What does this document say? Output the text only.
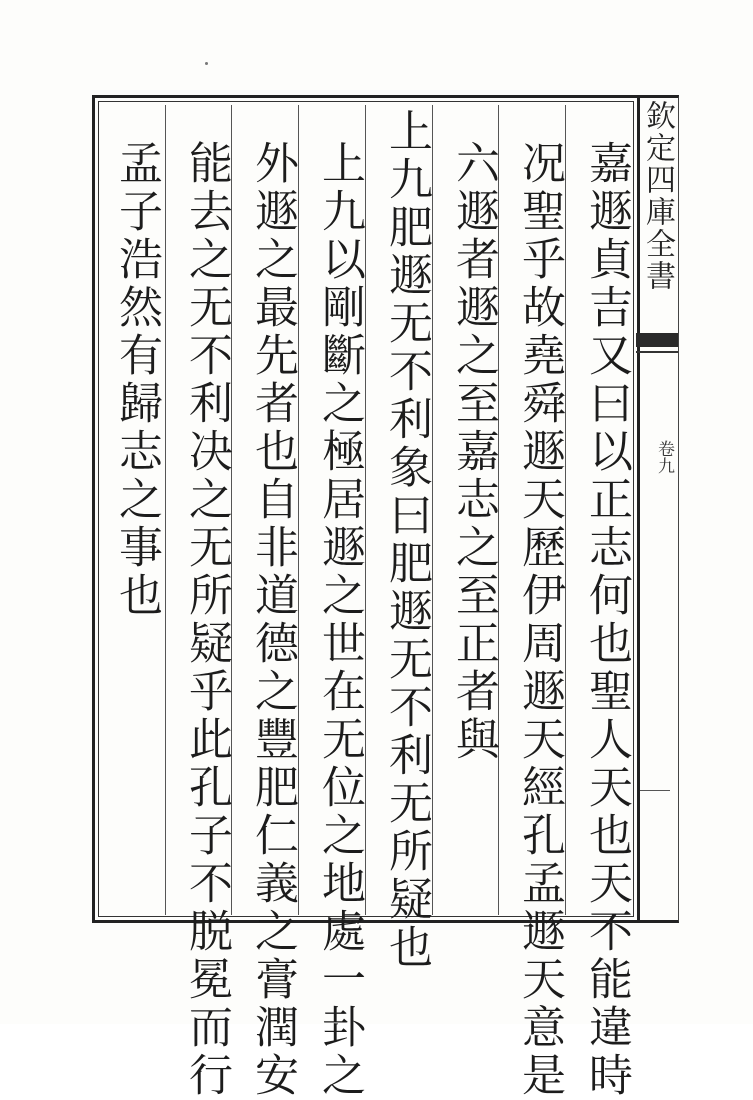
欽定四庫全書
卷九
嘉遯貞吉又曰以正志何也聖人天也天不能違時
况聖乎故堯舜遯天歷伊周遯天經孔孟遯天意是
六遯者遯之至嘉志之至正者與
上九肥遯无不利象曰肥遯无不利无所疑也
上九以剛斷之極居遯之世在无位之地處一卦之
外遯之最先者也自非道德之豐肥仁義之膏潤安
能去之无不利决之无所疑乎此孔子不脱冕而行
孟子浩然有歸志之事也
